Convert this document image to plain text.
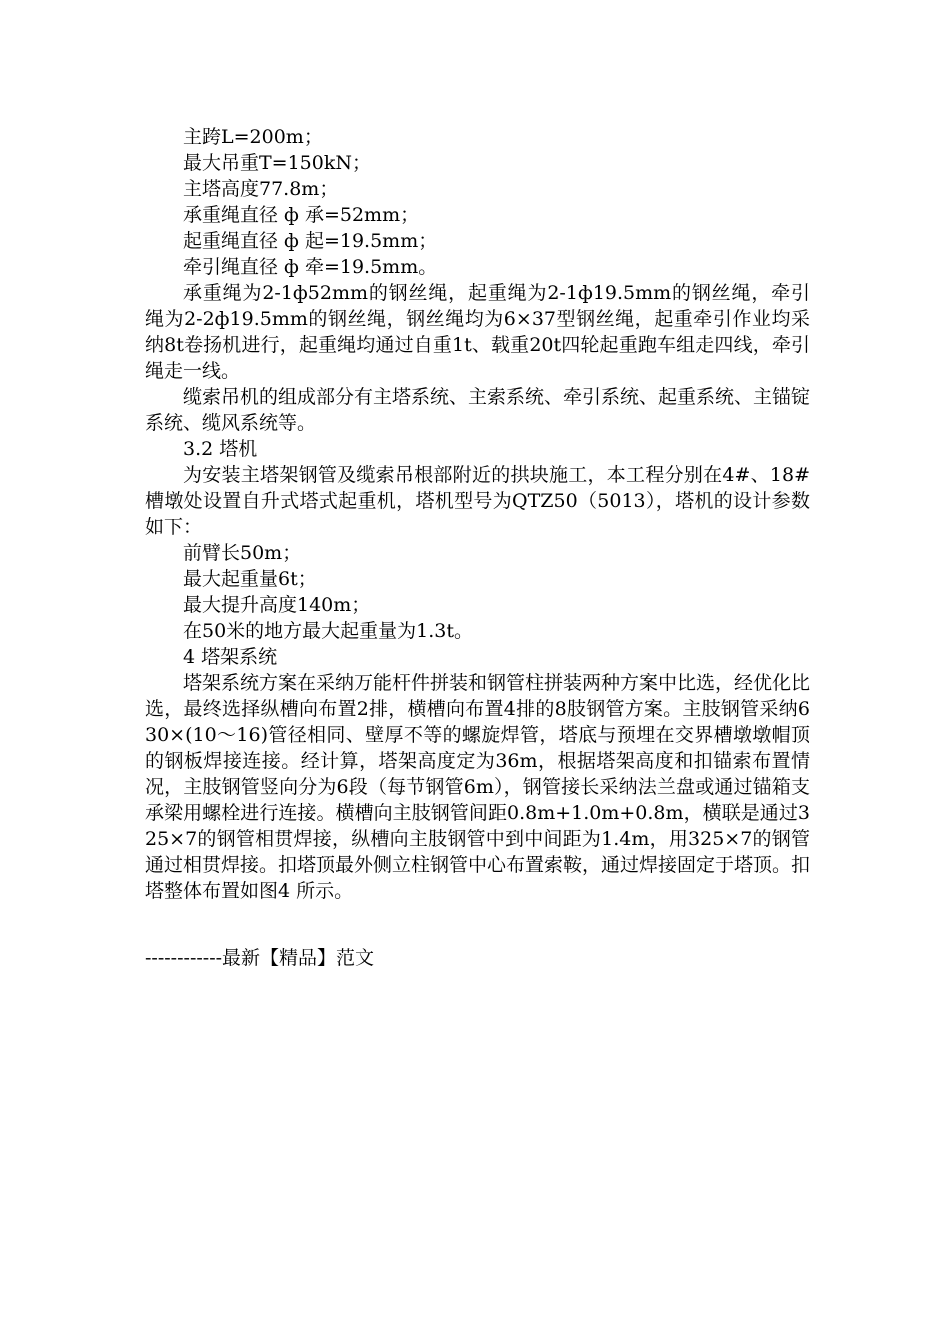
主跨L=200m；

最大吊重T=150kN；

主塔高度77.8m；

承重绳直径 ф 承=52mm；

起重绳直径 ф 起=19.5mm；

牵引绳直径 ф 牵=19.5mm。

承重绳为2-1ф52mm的钢丝绳，起重绳为2-1ф19.5mm的钢丝绳，牵引绳为2-2ф19.5mm的钢丝绳，钢丝绳均为6×37型钢丝绳，起重牵引作业均采纳8t卷扬机进行，起重绳均通过自重1t、载重20t四轮起重跑车组走四线，牵引绳走一线。

缆索吊机的组成部分有主塔系统、主索系统、牵引系统、起重系统、主锚锭系统、缆风系统等。

3.2 塔机

为安装主塔架钢管及缆索吊根部附近的拱块施工，本工程分别在4#、18#槽墩处设置自升式塔式起重机，塔机型号为QTZ50（5013），塔机的设计参数如下：

前臂长50m；

最大起重量6t；

最大提升高度140m；

在50米的地方最大起重量为1.3t。

4 塔架系统

塔架系统方案在采纳万能杆件拼装和钢管柱拼装两种方案中比选，经优化比选，最终选择纵槽向布置2排，横槽向布置4排的8肢钢管方案。主肢钢管采纳630×(10～16)管径相同、壁厚不等的螺旋焊管，塔底与预埋在交界槽墩墩帽顶的钢板焊接连接。经计算，塔架高度定为36m，根据塔架高度和扣锚索布置情况，主肢钢管竖向分为6段（每节钢管6m），钢管接长采纳法兰盘或通过锚箱支承梁用螺栓进行连接。横槽向主肢钢管间距0.8m+1.0m+0.8m，横联是通过325×7的钢管相贯焊接，纵槽向主肢钢管中到中间距为1.4m，用325×7的钢管通过相贯焊接。扣塔顶最外侧立柱钢管中心布置索鞍，通过焊接固定于塔顶。扣塔整体布置如图4 所示。

------------最新【精品】范文
